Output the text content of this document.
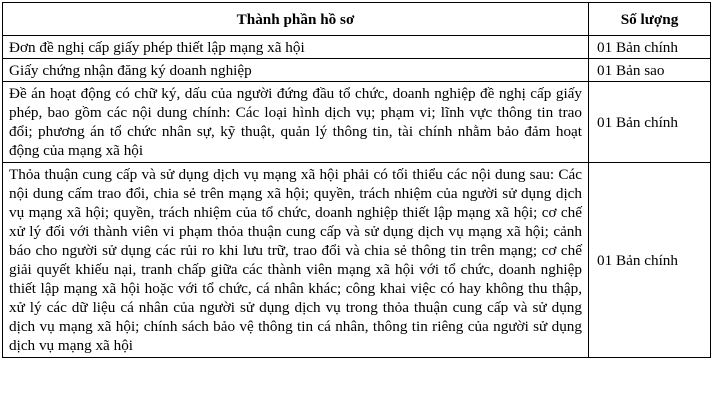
Thành phần hồ sơ	Số lượng
Đơn đề nghị cấp giấy phép thiết lập mạng xã hội	01 Bản chính
Giấy chứng nhận đăng ký doanh nghiệp	01 Bản sao
Đề án hoạt động có chữ ký, dấu của người đứng đầu tổ chức, doanh nghiệp đề nghị cấp giấy phép, bao gồm các nội dung chính: Các loại hình dịch vụ; phạm vi; lĩnh vực thông tin trao đổi; phương án tổ chức nhân sự, kỹ thuật, quản lý thông tin, tài chính nhằm bảo đảm hoạt động của mạng xã hội	01 Bản chính
Thỏa thuận cung cấp và sử dụng dịch vụ mạng xã hội phải có tối thiểu các nội dung sau: Các nội dung cấm trao đổi, chia sẻ trên mạng xã hội; quyền, trách nhiệm của người sử dụng dịch vụ mạng xã hội; quyền, trách nhiệm của tổ chức, doanh nghiệp thiết lập mạng xã hội; cơ chế xử lý đối với thành viên vi phạm thỏa thuận cung cấp và sử dụng dịch vụ mạng xã hội; cảnh báo cho người sử dụng các rủi ro khi lưu trữ, trao đổi và chia sẻ thông tin trên mạng; cơ chế giải quyết khiếu nại, tranh chấp giữa các thành viên mạng xã hội với tổ chức, doanh nghiệp thiết lập mạng xã hội hoặc với tổ chức, cá nhân khác; công khai việc có hay không thu thập, xử lý các dữ liệu cá nhân của người sử dụng dịch vụ trong thỏa thuận cung cấp và sử dụng dịch vụ mạng xã hội; chính sách bảo vệ thông tin cá nhân, thông tin riêng của người sử dụng dịch vụ mạng xã hội	01 Bản chính
